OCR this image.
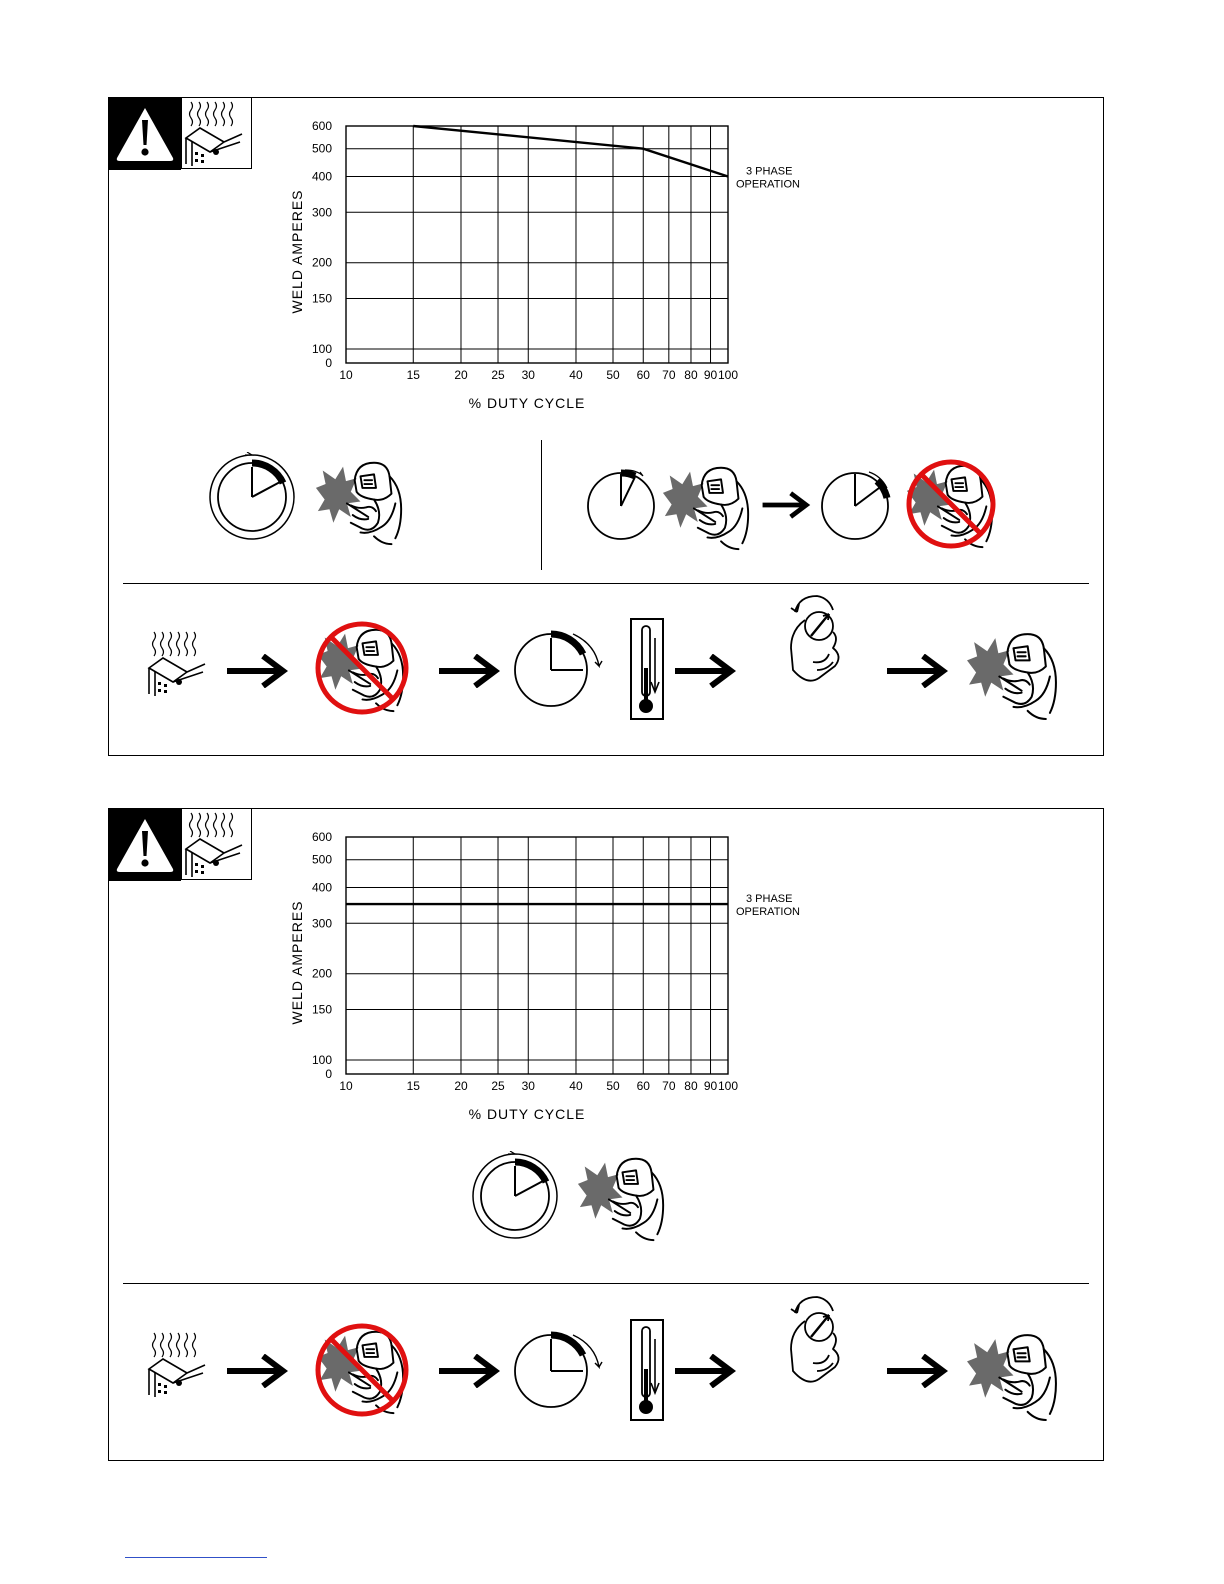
10	15	20 25 30	40 50 60 70 80 90 100
100
150
200
300
400
500
600
0
% DUTY CYCLE
WELD AMPERES
3 PHASE
OPERATION
10	15	20 25 30	40 50 60 70 80 90 100
100
150
200
300
400
500
600
0
% DUTY CYCLE
WELD AMPERES
3 PHASE
OPERATION
